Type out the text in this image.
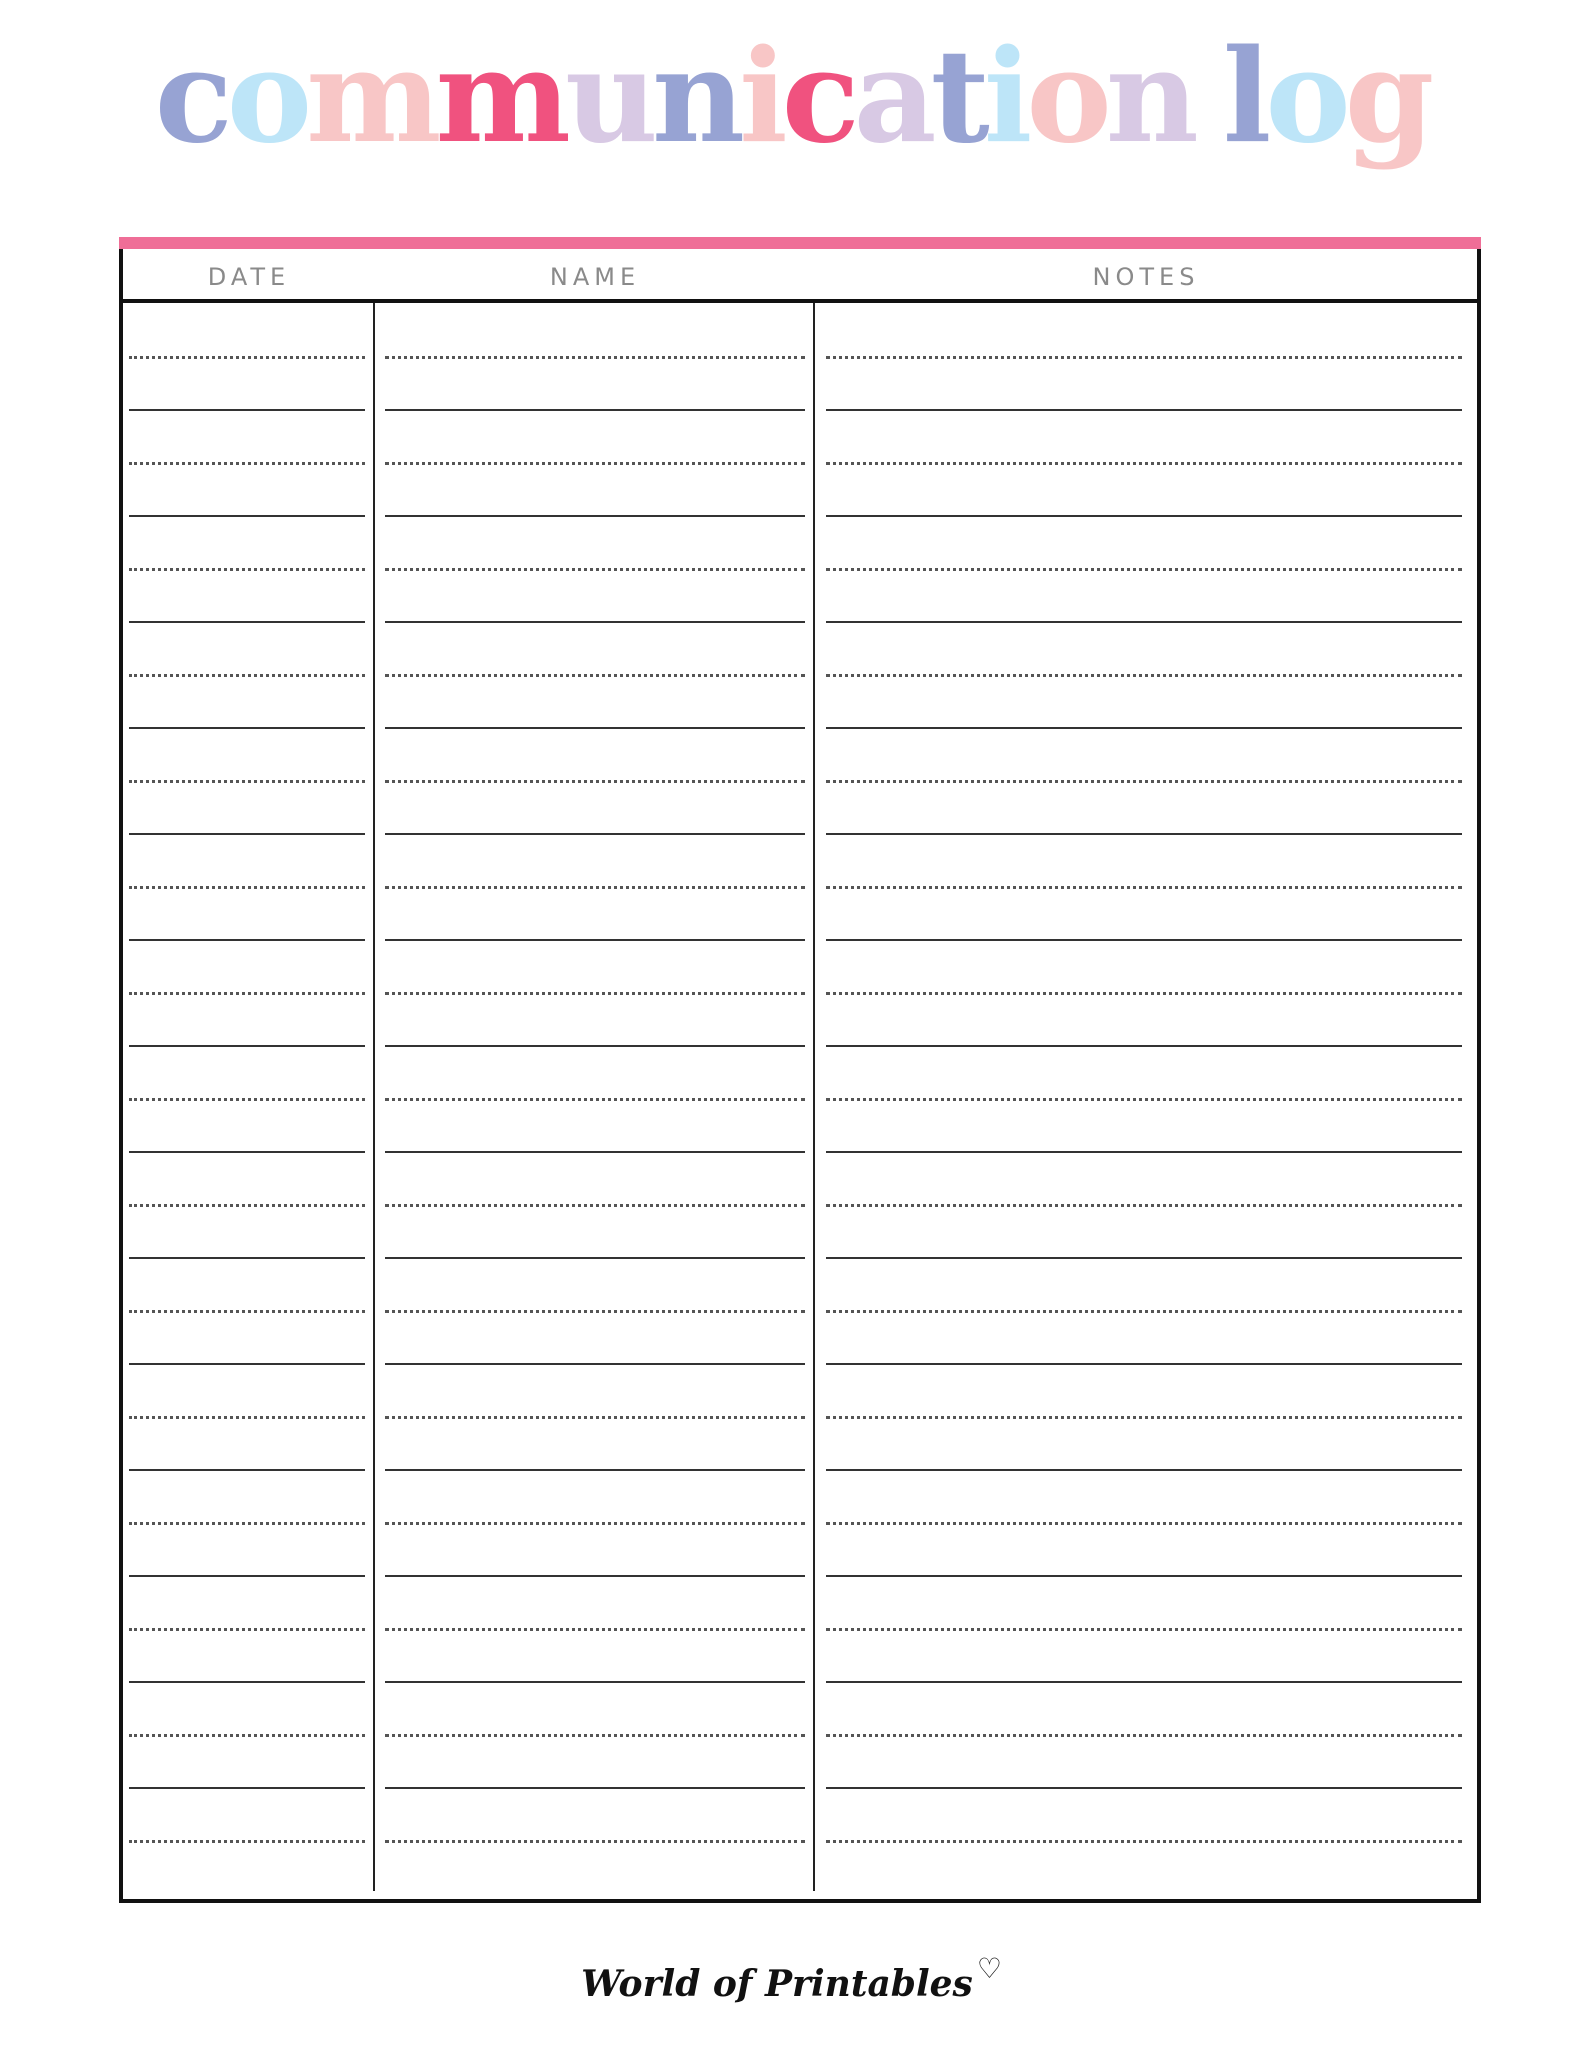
communication log
DATE	NAME	NOTES
World of Printables ♡
